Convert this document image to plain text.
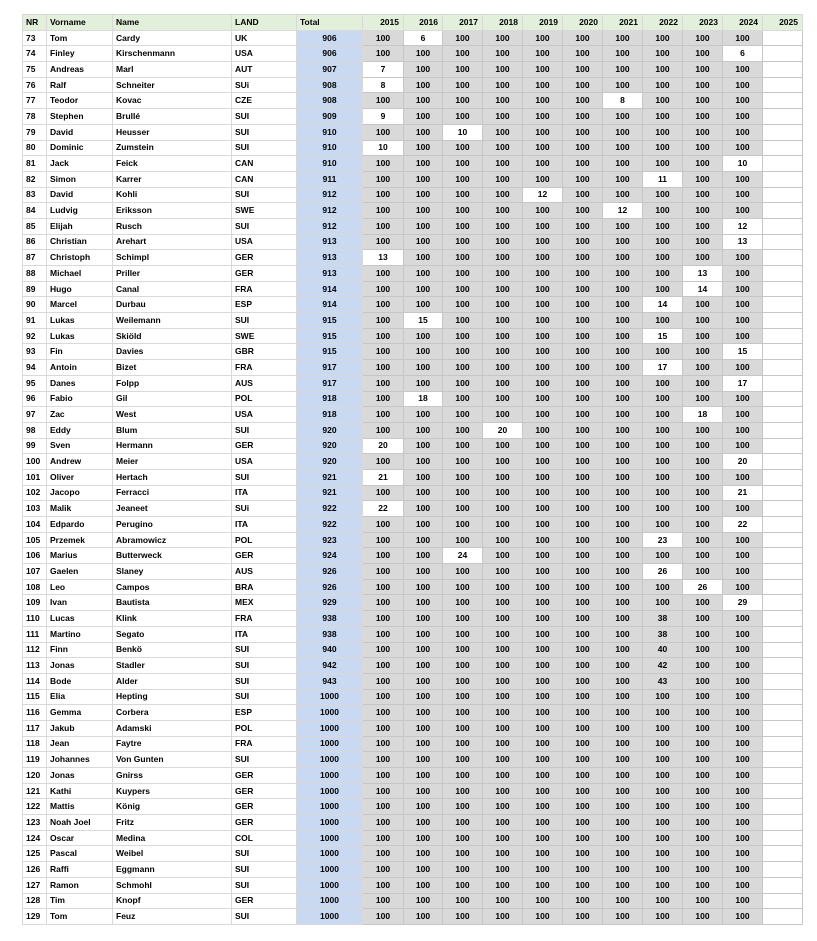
NR	Vorname	Name	LAND	Total	2015	2016	2017	2018	2019	2020	2021	2022	2023	2024	2025
73	Tom	Cardy	UK	906	100	6	100	100	100	100	100	100	100	100	
74	Finley	Kirschenmann	USA	906	100	100	100	100	100	100	100	100	100	6	
75	Andreas	Marl	AUT	907	7	100	100	100	100	100	100	100	100	100	
76	Ralf	Schneiter	SUi	908	8	100	100	100	100	100	100	100	100	100	
77	Teodor	Kovac	CZE	908	100	100	100	100	100	100	8	100	100	100	
78	Stephen	Brullé	SUI	909	9	100	100	100	100	100	100	100	100	100	
79	David	Heusser	SUI	910	100	100	10	100	100	100	100	100	100	100	
80	Dominic	Zumstein	SUI	910	10	100	100	100	100	100	100	100	100	100	
81	Jack	Feick	CAN	910	100	100	100	100	100	100	100	100	100	10	
82	Simon	Karrer	CAN	911	100	100	100	100	100	100	100	11	100	100	
83	David	Kohli	SUI	912	100	100	100	100	12	100	100	100	100	100	
84	Ludvig	Eriksson	SWE	912	100	100	100	100	100	100	12	100	100	100	
85	Elijah	Rusch	SUI	912	100	100	100	100	100	100	100	100	100	12	
86	Christian	Arehart	USA	913	100	100	100	100	100	100	100	100	100	13	
87	Christoph	Schimpl	GER	913	13	100	100	100	100	100	100	100	100	100	
88	Michael	Priller	GER	913	100	100	100	100	100	100	100	100	13	100	
89	Hugo	Canal	FRA	914	100	100	100	100	100	100	100	100	14	100	
90	Marcel	Durbau	ESP	914	100	100	100	100	100	100	100	14	100	100	
91	Lukas	Weilemann	SUI	915	100	15	100	100	100	100	100	100	100	100	
92	Lukas	Skiöld	SWE	915	100	100	100	100	100	100	100	15	100	100	
93	Fin	Davies	GBR	915	100	100	100	100	100	100	100	100	100	15	
94	Antoin	Bizet	FRA	917	100	100	100	100	100	100	100	17	100	100	
95	Danes	Folpp	AUS	917	100	100	100	100	100	100	100	100	100	17	
96	Fabio	Gil	POL	918	100	18	100	100	100	100	100	100	100	100	
97	Zac	West	USA	918	100	100	100	100	100	100	100	100	18	100	
98	Eddy	Blum	SUI	920	100	100	100	20	100	100	100	100	100	100	
99	Sven	Hermann	GER	920	20	100	100	100	100	100	100	100	100	100	
100	Andrew	Meier	USA	920	100	100	100	100	100	100	100	100	100	20	
101	Oliver	Hertach	SUI	921	21	100	100	100	100	100	100	100	100	100	
102	Jacopo	Ferracci	ITA	921	100	100	100	100	100	100	100	100	100	21	
103	Malik	Jeaneet	SUi	922	22	100	100	100	100	100	100	100	100	100	
104	Edpardo	Perugino	ITA	922	100	100	100	100	100	100	100	100	100	22	
105	Przemek	Abramowicz	POL	923	100	100	100	100	100	100	100	23	100	100	
106	Marius	Butterweck	GER	924	100	100	24	100	100	100	100	100	100	100	
107	Gaelen	Slaney	AUS	926	100	100	100	100	100	100	100	26	100	100	
108	Leo	Campos	BRA	926	100	100	100	100	100	100	100	100	26	100	
109	Ivan	Bautista	MEX	929	100	100	100	100	100	100	100	100	100	29	
110	Lucas	Klink	FRA	938	100	100	100	100	100	100	100	38	100	100	
111	Martino	Segato	ITA	938	100	100	100	100	100	100	100	38	100	100	
112	Finn	Benkö	SUI	940	100	100	100	100	100	100	100	40	100	100	
113	Jonas	Stadler	SUI	942	100	100	100	100	100	100	100	42	100	100	
114	Bode	Alder	SUI	943	100	100	100	100	100	100	100	43	100	100	
115	Elia	Hepting	SUI	1000	100	100	100	100	100	100	100	100	100	100	
116	Gemma	Corbera	ESP	1000	100	100	100	100	100	100	100	100	100	100	
117	Jakub	Adamski	POL	1000	100	100	100	100	100	100	100	100	100	100	
118	Jean	Faytre	FRA	1000	100	100	100	100	100	100	100	100	100	100	
119	Johannes	Von Gunten	SUI	1000	100	100	100	100	100	100	100	100	100	100	
120	Jonas	Gnirss	GER	1000	100	100	100	100	100	100	100	100	100	100	
121	Kathi	Kuypers	GER	1000	100	100	100	100	100	100	100	100	100	100	
122	Mattis	König	GER	1000	100	100	100	100	100	100	100	100	100	100	
123	Noah Joel	Fritz	GER	1000	100	100	100	100	100	100	100	100	100	100	
124	Oscar	Medina	COL	1000	100	100	100	100	100	100	100	100	100	100	
125	Pascal	Weibel	SUI	1000	100	100	100	100	100	100	100	100	100	100	
126	Raffi	Eggmann	SUI	1000	100	100	100	100	100	100	100	100	100	100	
127	Ramon	Schmohl	SUI	1000	100	100	100	100	100	100	100	100	100	100	
128	Tim	Knopf	GER	1000	100	100	100	100	100	100	100	100	100	100	
129	Tom	Feuz	SUI	1000	100	100	100	100	100	100	100	100	100	100	
